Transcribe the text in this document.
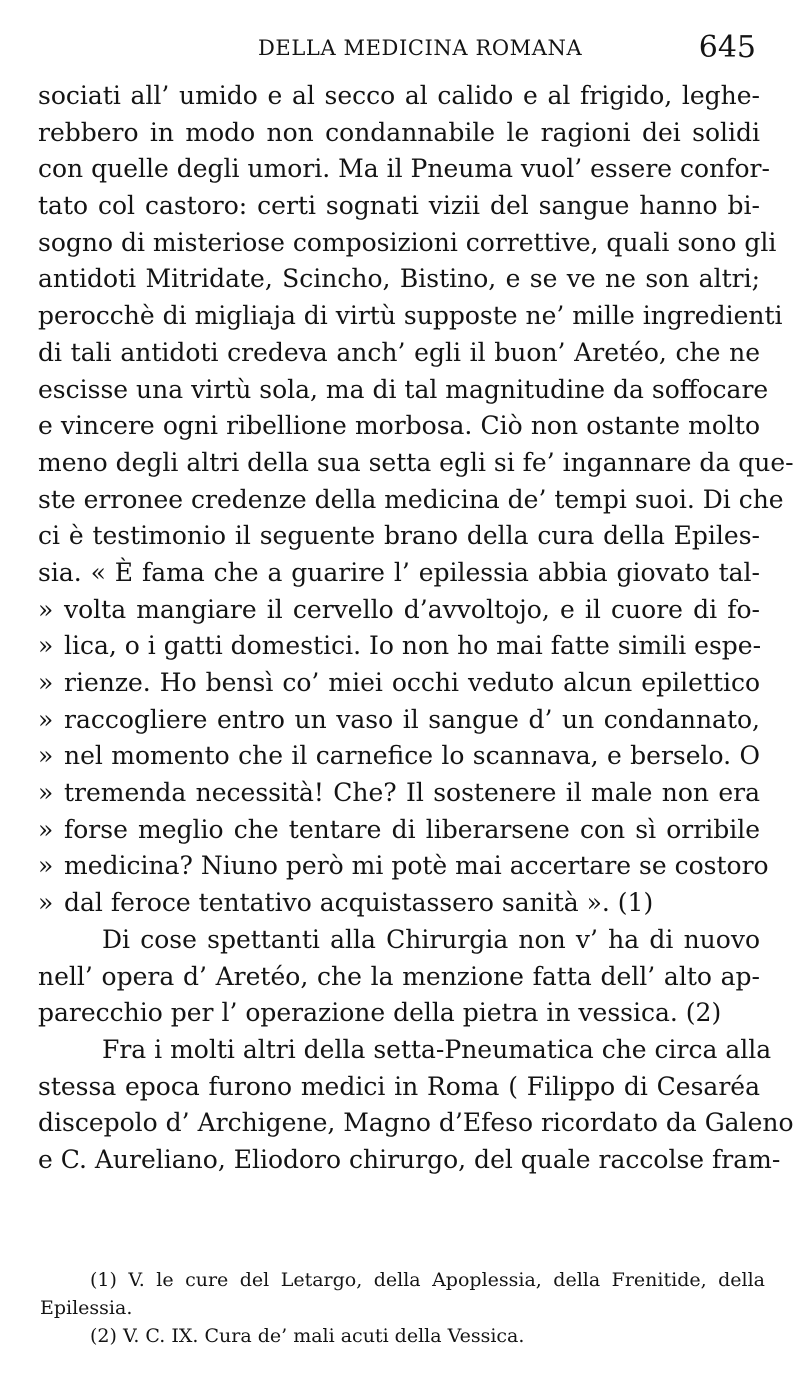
DELLA MEDICINA ROMANA	645
sociati all’ umido e al secco al calido e al frigido, leghe-
rebbero in modo non condannabile le ragioni dei solidi
con quelle degli umori. Ma il Pneuma vuol’ essere confor-
tato col castoro: certi sognati vizii del sangue hanno bi-
sogno di misteriose composizioni correttive, quali sono gli
antidoti Mitridate, Scincho, Bistino, e se ve ne son altri;
perocchè di migliaja di virtù supposte ne’ mille ingredienti
di tali antidoti credeva anch’ egli il buon’ Aretéo, che ne
escisse una virtù sola, ma di tal magnitudine da soffocare
e vincere ogni ribellione morbosa. Ciò non ostante molto
meno degli altri della sua setta egli si fe’ ingannare da que-
ste erronee credenze della medicina de’ tempi suoi. Di che
ci è testimonio il seguente brano della cura della Epiles-
sia. « È fama che a guarire l’ epilessia abbia giovato tal-
» volta mangiare il cervello d’avvoltojo, e il cuore di fo-
» lica, o i gatti domestici. Io non ho mai fatte simili espe-
» rienze. Ho bensì co’ miei occhi veduto alcun epilettico
» raccogliere entro un vaso il sangue d’ un condannato,
» nel momento che il carnefice lo scannava, e berselo. O
» tremenda necessità! Che? Il sostenere il male non era
» forse meglio che tentare di liberarsene con sì orribile
» medicina? Niuno però mi potè mai accertare se costoro
» dal feroce tentativo acquistassero sanità ». (1)
Di cose spettanti alla Chirurgia non v’ ha di nuovo
nell’ opera d’ Aretéo, che la menzione fatta dell’ alto ap-
parecchio per l’ operazione della pietra in vessica. (2)
Fra i molti altri della setta-Pneumatica che circa alla
stessa epoca furono medici in Roma ( Filippo di Cesaréa
discepolo d’ Archigene, Magno d’Efeso ricordato da Galeno
e C. Aureliano, Eliodoro chirurgo, del quale raccolse fram-
(1) V. le cure del Letargo, della Apoplessia, della Frenitide, della
Epilessia.
(2) V. C. IX. Cura de’ mali acuti della Vessica.
